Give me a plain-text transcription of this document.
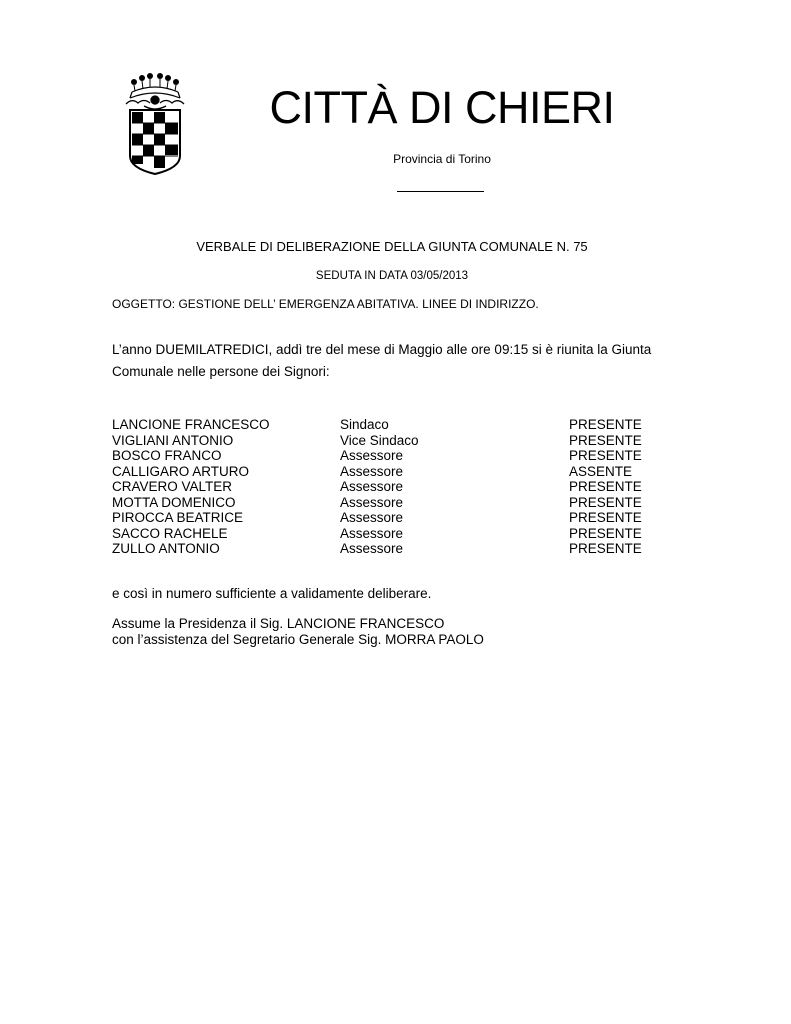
CITTÀ DI CHIERI
Provincia di Torino
VERBALE DI DELIBERAZIONE DELLA GIUNTA COMUNALE N. 75
SEDUTA IN DATA 03/05/2013
OGGETTO: GESTIONE DELL’ EMERGENZA ABITATIVA. LINEE DI INDIRIZZO.

L’anno DUEMILATREDICI, addì tre del mese di Maggio alle ore 09:15 si è riunita la Giunta

Comunale nelle persone dei Signori:

LANCIONE FRANCESCO	Sindaco	PRESENTE
VIGLIANI ANTONIO	Vice Sindaco	PRESENTE
BOSCO FRANCO	Assessore	PRESENTE
CALLIGARO ARTURO	Assessore	ASSENTE
CRAVERO VALTER	Assessore	PRESENTE
MOTTA DOMENICO	Assessore	PRESENTE
PIROCCA BEATRICE	Assessore	PRESENTE
SACCO RACHELE	Assessore	PRESENTE
ZULLO ANTONIO	Assessore	PRESENTE
e così in numero sufficiente a validamente deliberare.

Assume la Presidenza il Sig. LANCIONE FRANCESCO

con l’assistenza del Segretario Generale Sig. MORRA PAOLO
